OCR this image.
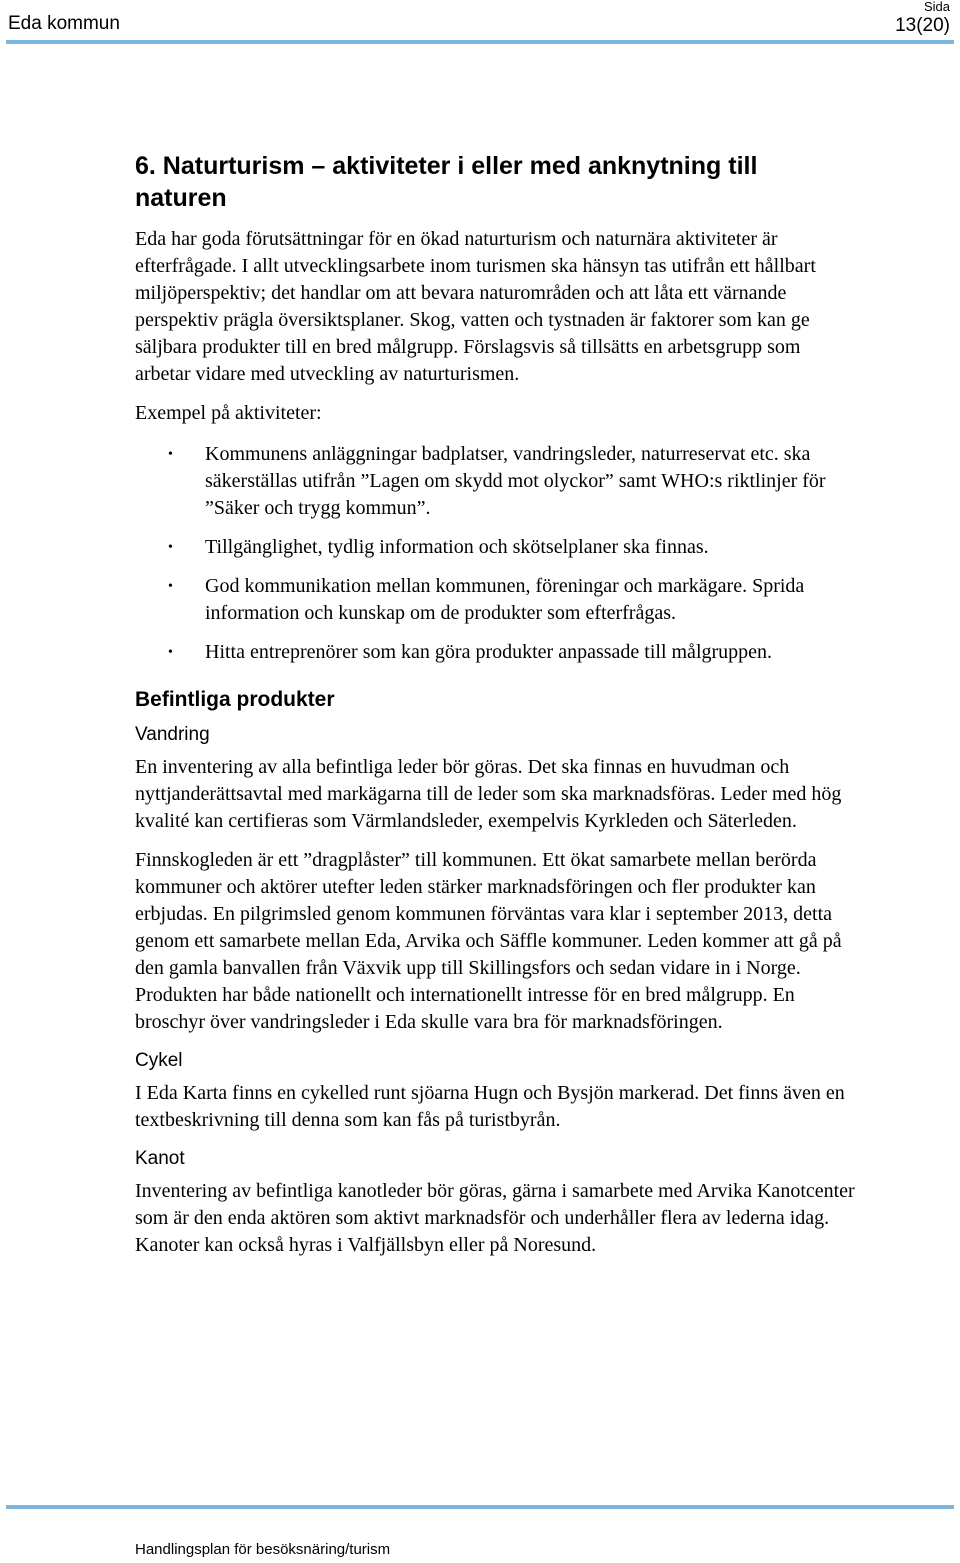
Eda kommun
Sida
13(20)
6. Naturturism – aktiviteter i eller med anknytning till naturen

Eda har goda förutsättningar för en ökad naturturism och naturnära aktiviteter är efterfrågade. I allt utvecklingsarbete inom turismen ska hänsyn tas utifrån ett hållbart miljöperspektiv; det handlar om att bevara naturområden och att låta ett värnande perspektiv prägla översiktsplaner. Skog, vatten och tystnaden är faktorer som kan ge säljbara produkter till en bred målgrupp. Förslagsvis så tillsätts en arbetsgrupp som arbetar vidare med utveckling av naturturismen.

Exempel på aktiviteter:

• Kommunens anläggningar badplatser, vandringsleder, naturreservat etc. ska säkerställas utifrån ”Lagen om skydd mot olyckor” samt WHO:s riktlinjer för ”Säker och trygg kommun”.
• Tillgänglighet, tydlig information och skötselplaner ska finnas.
• God kommunikation mellan kommunen, föreningar och markägare. Sprida information och kunskap om de produkter som efterfrågas.
• Hitta entreprenörer som kan göra produkter anpassade till målgruppen.
Befintliga produkter
Vandring

En inventering av alla befintliga leder bör göras. Det ska finnas en huvudman och nyttjanderättsavtal med markägarna till de leder som ska marknadsföras. Leder med hög kvalité kan certifieras som Värmlandsleder, exempelvis Kyrkleden och Säterleden.

Finnskogleden är ett ”dragplåster” till kommunen. Ett ökat samarbete mellan berörda kommuner och aktörer utefter leden stärker marknadsföringen och fler produkter kan erbjudas. En pilgrimsled genom kommunen förväntas vara klar i september 2013, detta genom ett samarbete mellan Eda, Arvika och Säffle kommuner. Leden kommer att gå på den gamla banvallen från Växvik upp till Skillingsfors och sedan vidare in i Norge. Produkten har både nationellt och internationellt intresse för en bred målgrupp. En broschyr över vandringsleder i Eda skulle vara bra för marknadsföringen.

Cykel

I Eda Karta finns en cykelled runt sjöarna Hugn och Bysjön markerad. Det finns även en textbeskrivning till denna som kan fås på turistbyrån.

Kanot

Inventering av befintliga kanotleder bör göras, gärna i samarbete med Arvika Kanotcenter som är den enda aktören som aktivt marknadsför och underhåller flera av lederna idag. Kanoter kan också hyras i Valfjällsbyn eller på Noresund.

Handlingsplan för besöksnäring/turism
